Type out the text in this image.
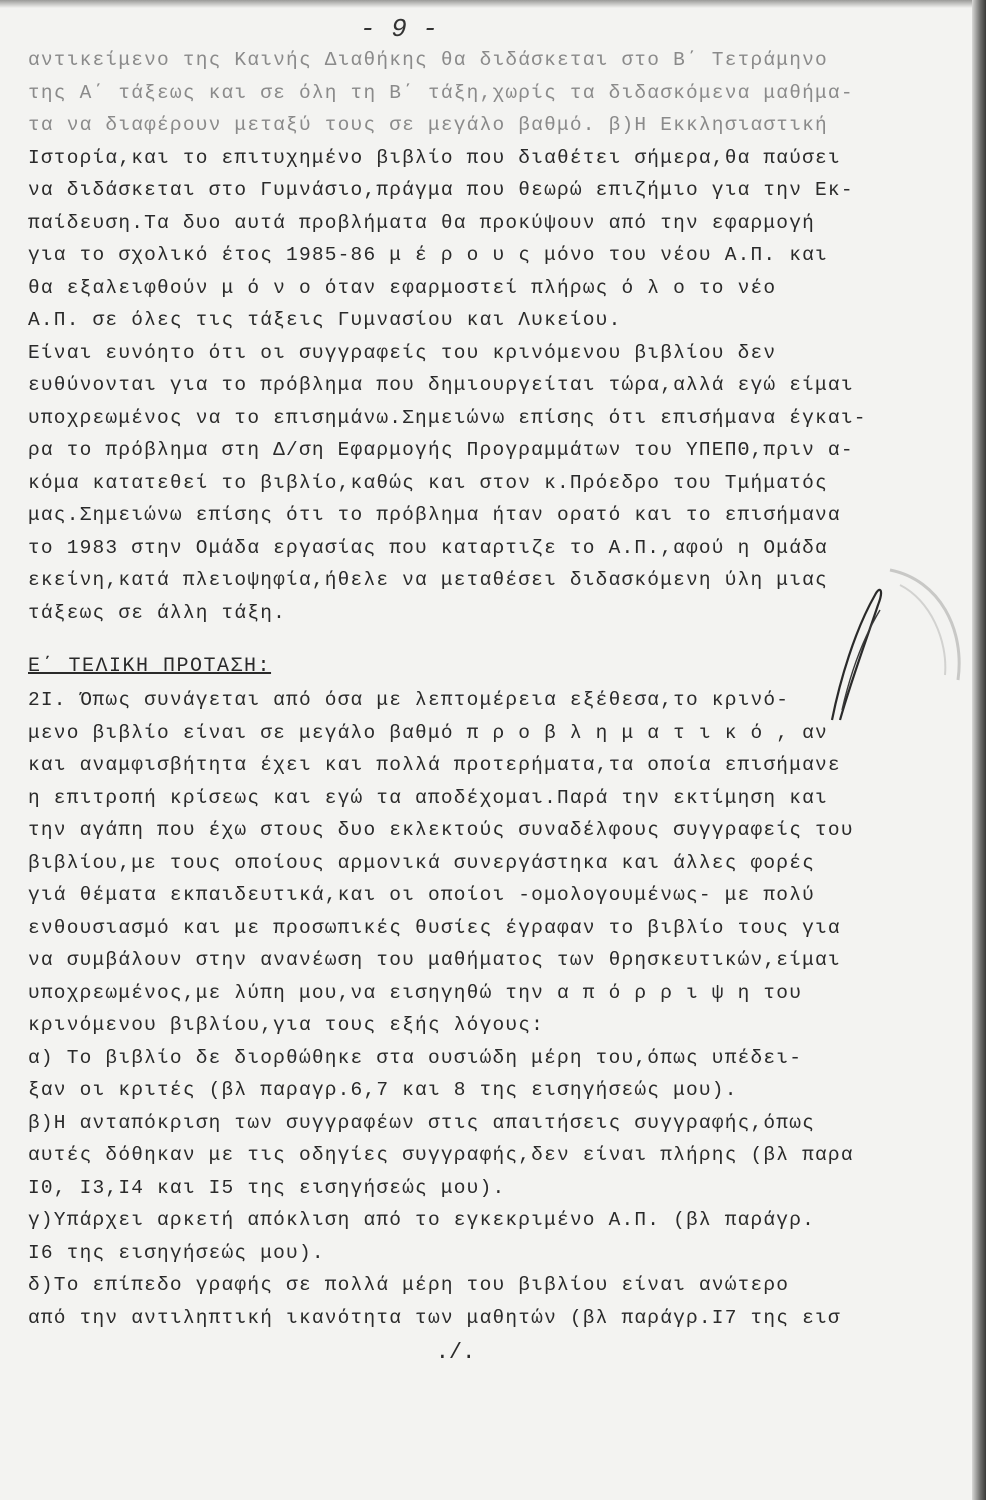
- 9 -
αντικείμενο της Καινής Διαθήκης θα διδάσκεται στο Β΄ Τετράμηνο
της Α΄ τάξεως και σε όλη τη Β΄ τάξη,χωρίς τα διδασκόμενα μαθήμα-
τα να διαφέρουν μεταξύ τους σε μεγάλο βαθμό. β)Η Εκκλησιαστική
Ιστορία,και το επιτυχημένο βιβλίο που διαθέτει σήμερα,θα παύσει
να διδάσκεται στο Γυμνάσιο,πράγμα που θεωρώ επιζήμιο για την Εκ-
παίδευση.Τα δυο αυτά προβλήματα θα προκύψουν από την εφαρμογή
για το σχολικό έτος 1985-86 μ έ ρ ο υ ς μόνο του νέου Α.Π. και
θα εξαλειφθούν μ ό ν ο όταν εφαρμοστεί πλήρως ό λ ο το νέο
Α.Π. σε όλες τις τάξεις Γυμνασίου και Λυκείου.
Είναι ευνόητο ότι οι συγγραφείς του κρινόμενου βιβλίου δεν
ευθύνονται για το πρόβλημα που δημιουργείται τώρα,αλλά εγώ είμαι
υποχρεωμένος να το επισημάνω.Σημειώνω επίσης ότι επισήμανα έγκαι-
ρα το πρόβλημα στη Δ/ση Εφαρμογής Προγραμμάτων του ΥΠΕΠΘ,πριν α-
κόμα κατατεθεί το βιβλίο,καθώς και στον κ.Πρόεδρο του Τμήματός
μας.Σημειώνω επίσης ότι το πρόβλημα ήταν ορατό και το επισήμανα
το 1983 στην Ομάδα εργασίας που καταρτιζε το Α.Π.,αφού η Ομάδα
εκείνη,κατά πλειοψηφία,ήθελε να μεταθέσει διδασκόμενη ύλη μιας
τάξεως σε άλλη τάξη.
Ε΄ ΤΕΛΙΚΗ ΠΡΟΤΑΣΗ:
2I. Όπως συνάγεται από όσα με λεπτομέρεια εξέθεσα,το κρινό-
μενο βιβλίο είναι σε μεγάλο βαθμό π ρ ο β λ η μ α τ ι κ ό , αν
και αναμφισβήτητα έχει και πολλά προτερήματα,τα οποία επισήμανε
η επιτροπή κρίσεως και εγώ τα αποδέχομαι.Παρά την εκτίμηση και
την αγάπη που έχω στους δυο εκλεκτούς συναδέλφους συγγραφείς του
βιβλίου,με τους οποίους αρμονικά συνεργάστηκα και άλλες φορές
γιά θέματα εκπαιδευτικά,και οι οποίοι -ομολογουμένως- με πολύ
ενθουσιασμό και με προσωπικές θυσίες έγραφαν το βιβλίο τους για
να συμβάλουν στην ανανέωση του μαθήματος των θρησκευτικών,είμαι
υποχρεωμένος,με λύπη μου,να εισηγηθώ την α π ό ρ ρ ι ψ η του
κρινόμενου βιβλίου,για τους εξής λόγους:
α) Το βιβλίο δε διορθώθηκε στα ουσιώδη μέρη του,όπως υπέδει-
ξαν οι κριτές (βλ παραγρ.6,7 και 8 της εισηγήσεώς μου).
β)Η ανταπόκριση των συγγραφέων στις απαιτήσεις συγγραφής,όπως
αυτές δόθηκαν με τις οδηγίες συγγραφής,δεν είναι πλήρης (βλ παρα
I0, I3,I4 και I5 της εισηγήσεώς μου).
γ)Υπάρχει αρκετή απόκλιση από το εγκεκριμένο Α.Π. (βλ παράγρ.
I6 της εισηγήσεώς μου).
δ)Το επίπεδο γραφής σε πολλά μέρη του βιβλίου είναι ανώτερο
από την αντιληπτική ικανότητα των μαθητών (βλ παράγρ.I7 της εισ
./.
